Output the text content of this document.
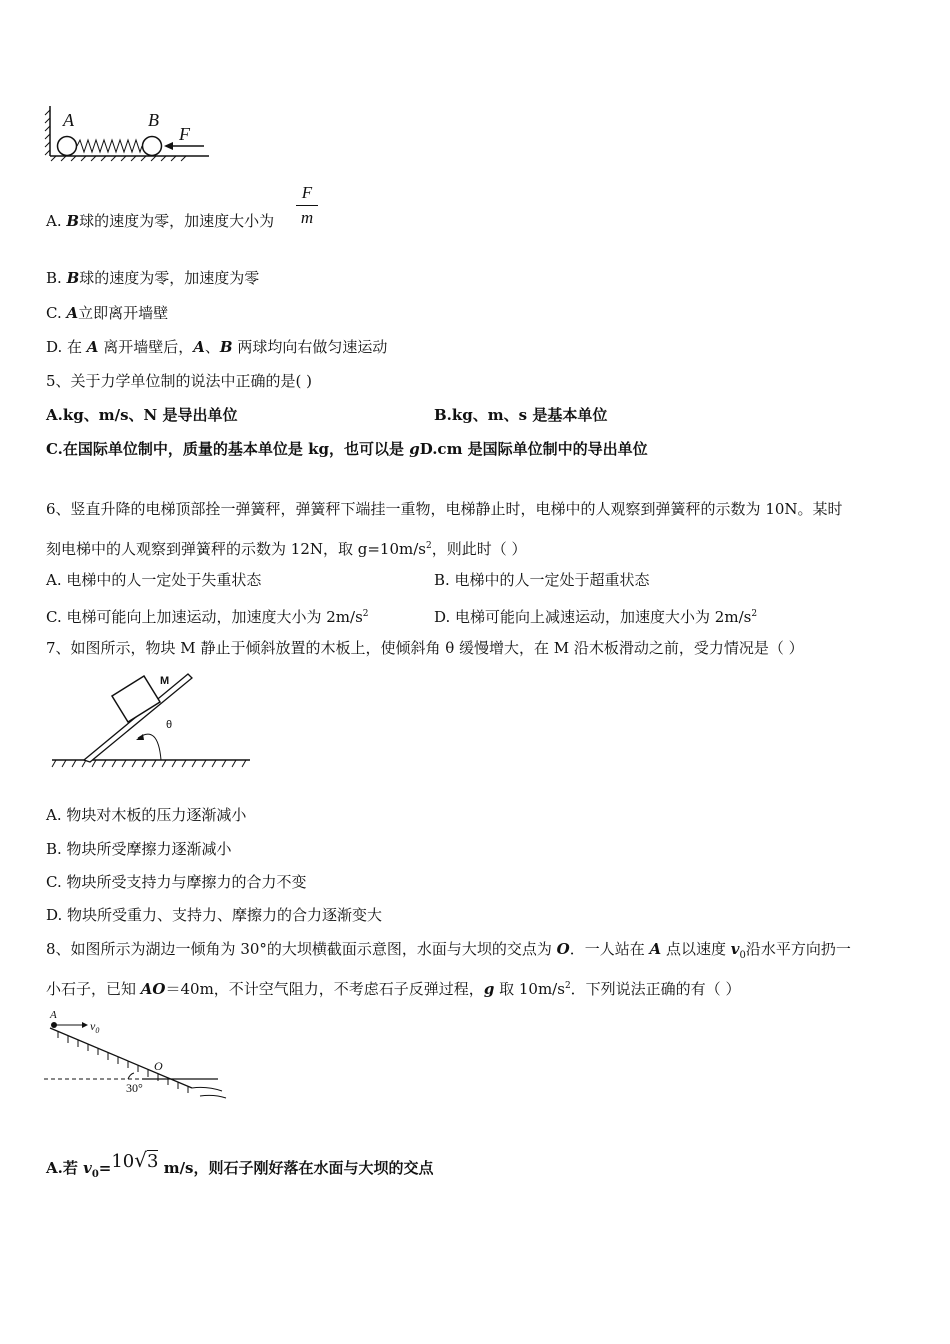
A	B
F
A. B球的速度为零，加速度大小为
F
m
B. B球的速度为零，加速度为零
C. A立即离开墙壁
D. 在 A 离开墙壁后，A、B 两球均向右做匀速运动
5、关于力学单位制的说法中正确的是( )
A.kg、m/s、N 是导出单位	B.kg、m、s 是基本单位
C.在国际单位制中，质量的基本单位是 kg，也可以是 gD.cm 是国际单位制中的导出单位
6、竖直升降的电梯顶部拴一弹簧秤，弹簧秤下端挂一重物，电梯静止时，电梯中的人观察到弹簧秤的示数为 10N。某时
刻电梯中的人观察到弹簧秤的示数为 12N，取 $g=10m/s^2$，则此时（ ）
A. 电梯中的人一定处于失重状态	B. 电梯中的人一定处于超重状态
C. 电梯可能向上加速运动，加速度大小为 $2m/s^2$	D. 电梯可能向上减速运动，加速度大小为 $2m/s^2$
7、如图所示，物块 M 静止于倾斜放置的木板上，使倾斜角 θ 缓慢增大，在 M 沿木板滑动之前，受力情况是（ ）
M
θ
A. 物块对木板的压力逐渐减小
B. 物块所受摩擦力逐渐减小
C. 物块所受支持力与摩擦力的合力不变
D. 物块所受重力、支持力、摩擦力的合力逐渐变大
8、如图所示为湖边一倾角为 30°的大坝横截面示意图，水面与大坝的交点为 O．一人站在 A 点以速度 $v_0$沿水平方向扔一
小石子，已知 AO＝40m，不计空气阻力，不考虑石子反弹过程，g 取 $10m/s^2$．下列说法正确的有（ ）
A
$v_0$
O
30°
A.若 $v_0=10√3$ m/s，则石子刚好落在水面与大坝的交点
